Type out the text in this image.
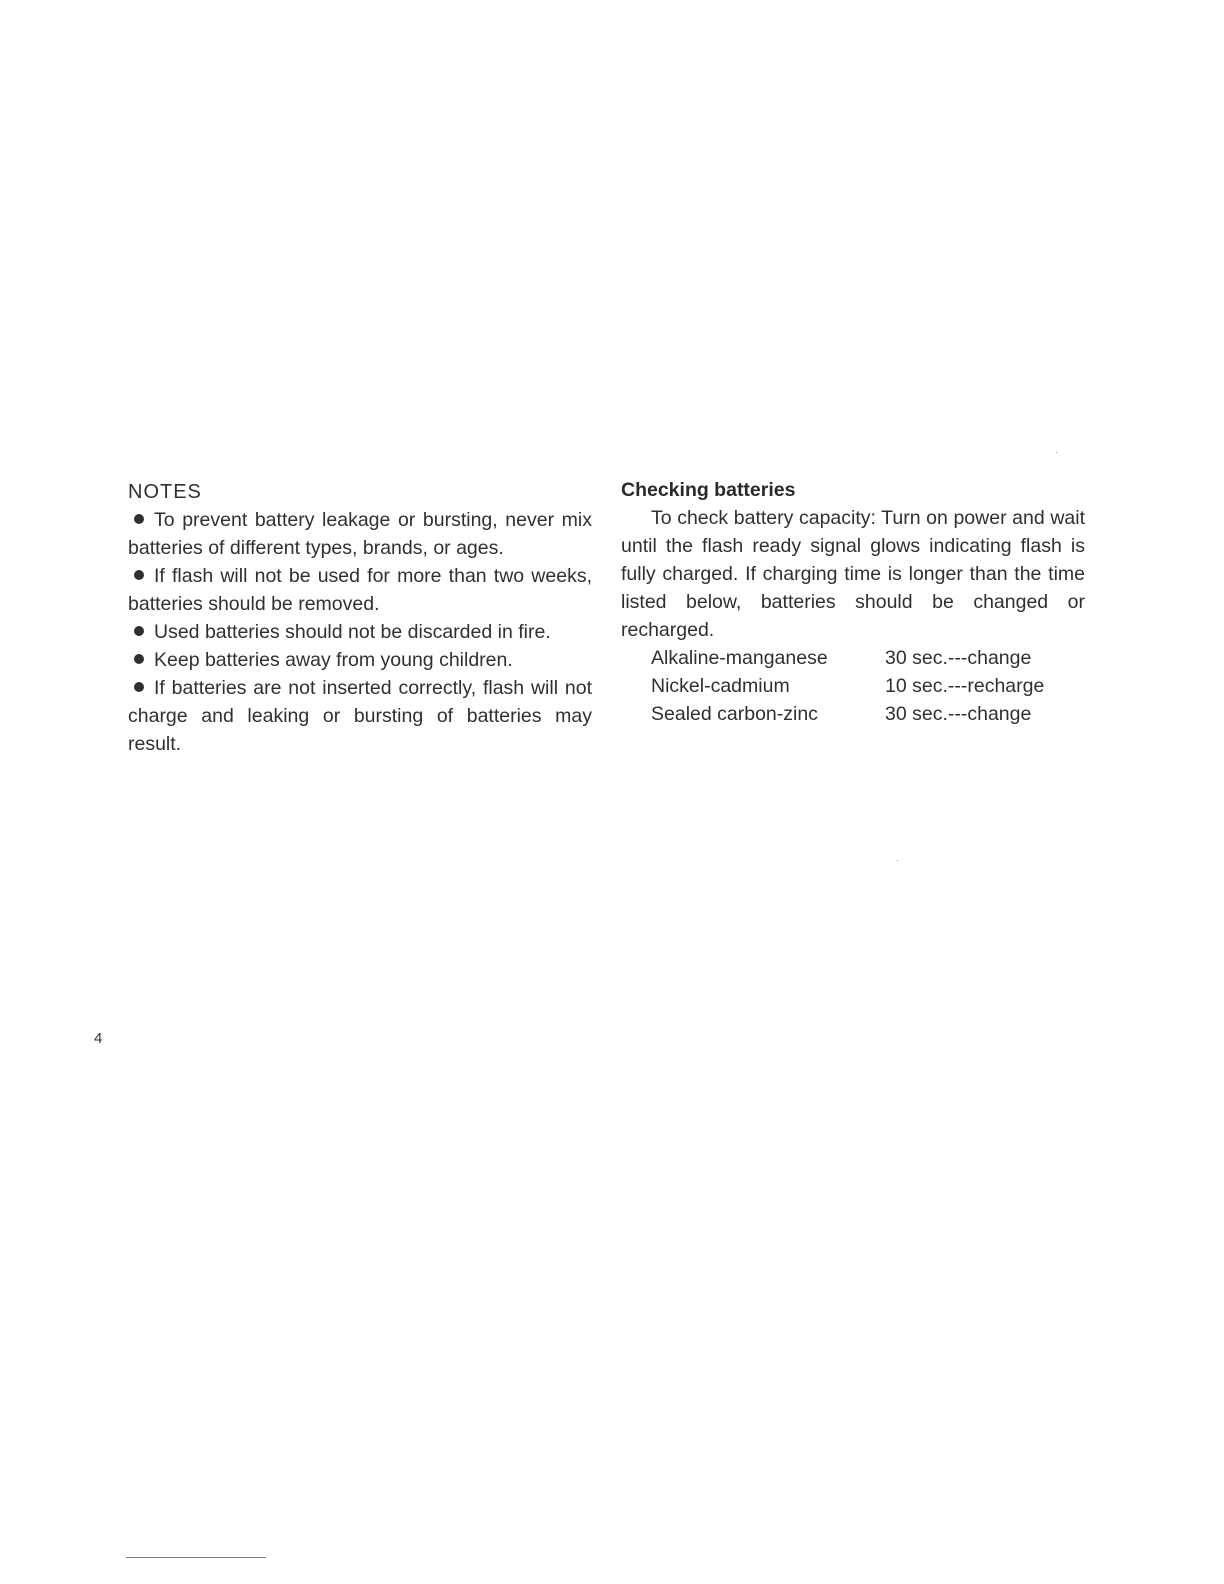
NOTES

To prevent battery leakage or bursting, never mix batteries of different types, brands, or ages.

If flash will not be used for more than two weeks, batteries should be removed.

Used batteries should not be discarded in fire.

Keep batteries away from young children.

If batteries are not inserted correctly, flash will not charge and leaking or bursting of batteries may result.

Checking batteries

To check battery capacity: Turn on power and wait until the flash ready signal glows indicating flash is fully charged. If charging time is longer than the time listed below, batteries should be changed or recharged.

Alkaline-manganese	30 sec.---change
Nickel-cadmium	10 sec.---recharge
Sealed carbon-zinc	30 sec.---change
4
